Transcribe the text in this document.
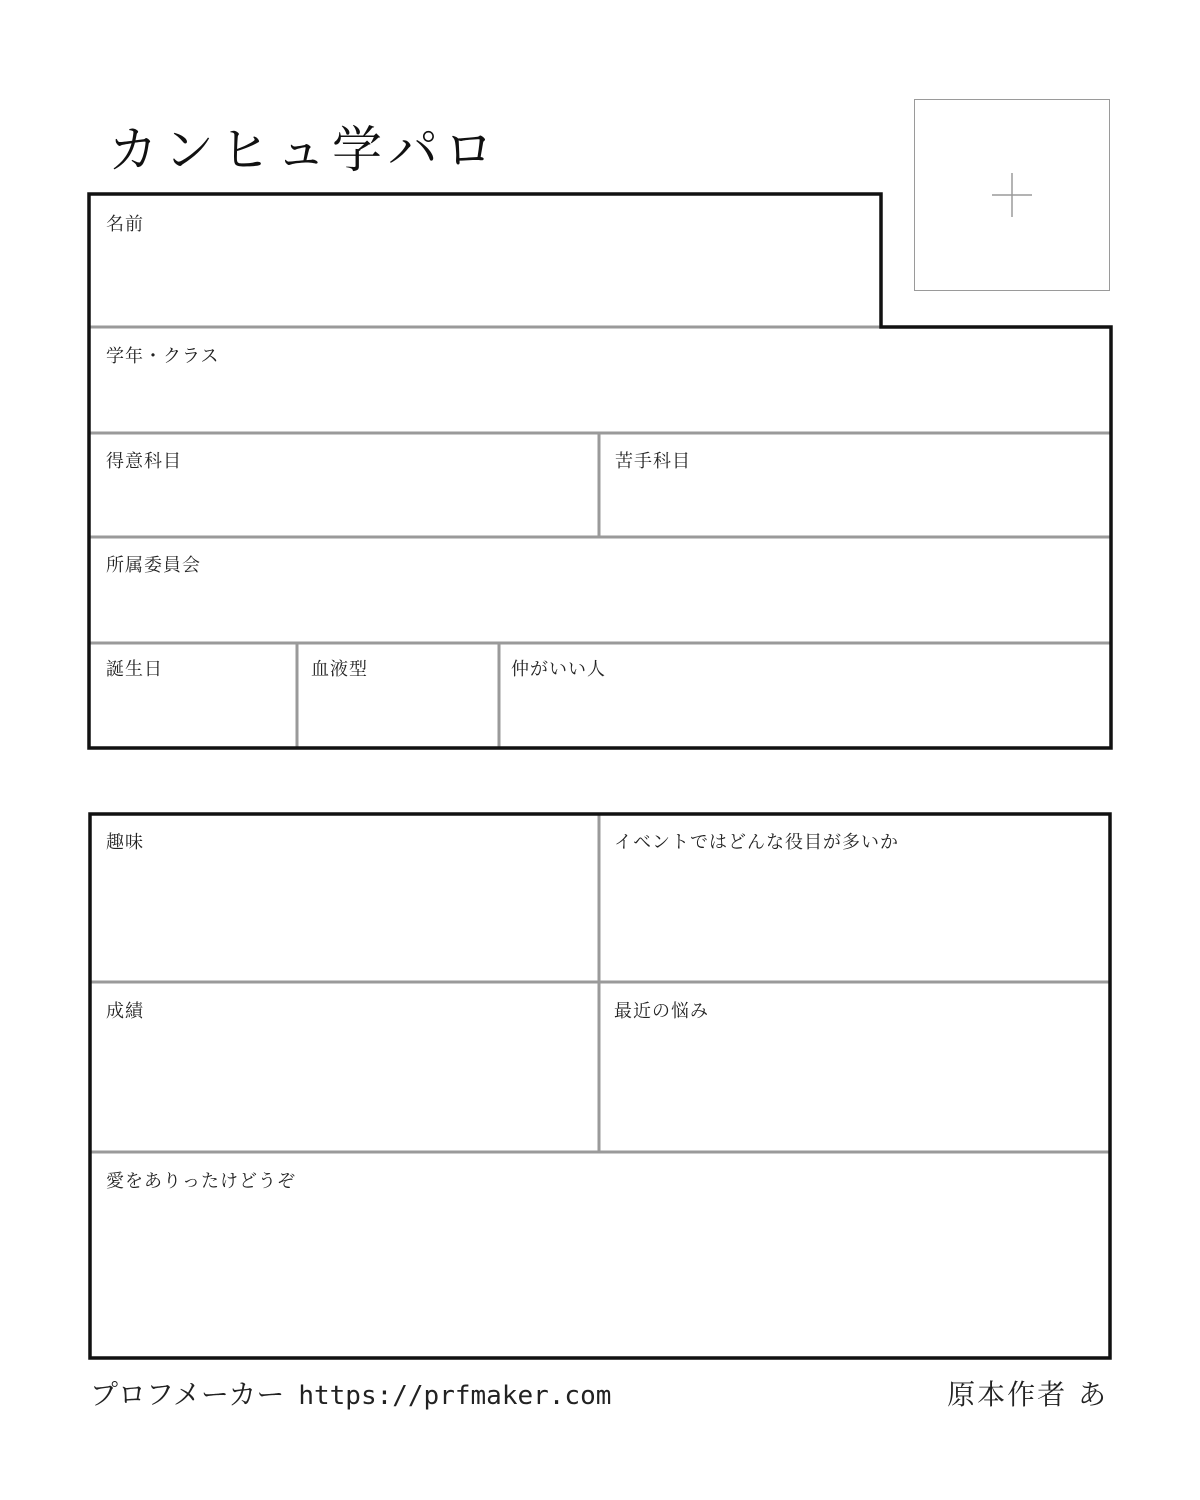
カンヒュ学パロ
名前
学年・クラス
得意科目	苦手科目
所属委員会
誕生日	血液型	仲がいい人
趣味	イベントではどんな役目が多いか
成績	最近の悩み
愛をありったけどうぞ
プロフメーカー https://prfmaker.com	原本作者 あ
